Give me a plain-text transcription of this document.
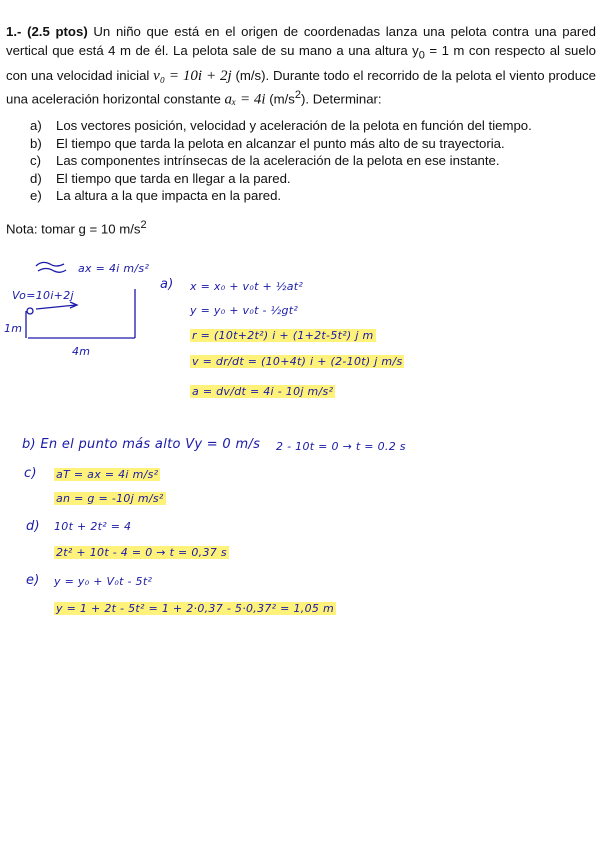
1.- (2.5 ptos) Un niño que está en el origen de coordenadas lanza una pelota contra una pared vertical que está 4 m de él. La pelota sale de su mano a una altura $y_0 = 1$ m con respecto al suelo con una velocidad inicial v₀ = 10i + 2j (m/s). Durante todo el recorrido de la pelota el viento produce una aceleración horizontal constante aₓ = 4i $(m/s^2)$. Determinar:
a)	Los vectores posición, velocidad y aceleración de la pelota en función del tiempo.
b)	El tiempo que tarda la pelota en alcanzar el punto más alto de su trayectoria.
c)	Las componentes intrínsecas de la aceleración de la pelota en ese instante.
d)	El tiempo que tarda en llegar a la pared.
e)	La altura a la que impacta en la pared.
Nota: tomar g = 10 $m/s^2$
ax = 4i m/s²
Vo=10i+2j
1m
4m
a) x = x₀ + v₀t + ½at²
y = y₀ + v₀t - ½gt²
r = (10t+2t²) i + (1+2t-5t²) j m
v = dr/dt = (10+4t) i + (2-10t) j m/s
a = dv/dt = 4i - 10j m/s²
b) En el punto más alto Vy = 0 m/s 2 - 10t = 0 → t = 0.2 s
c) aT = ax = 4i m/s²
an = g = -10j m/s²
d) 10t + 2t² = 4
2t² + 10t - 4 = 0 → t = 0,37 s
e) y = y₀ + V₀t - 5t²
y = 1 + 2t - 5t² = 1 + 2·0,37 - 5·0,37² = 1,05 m
